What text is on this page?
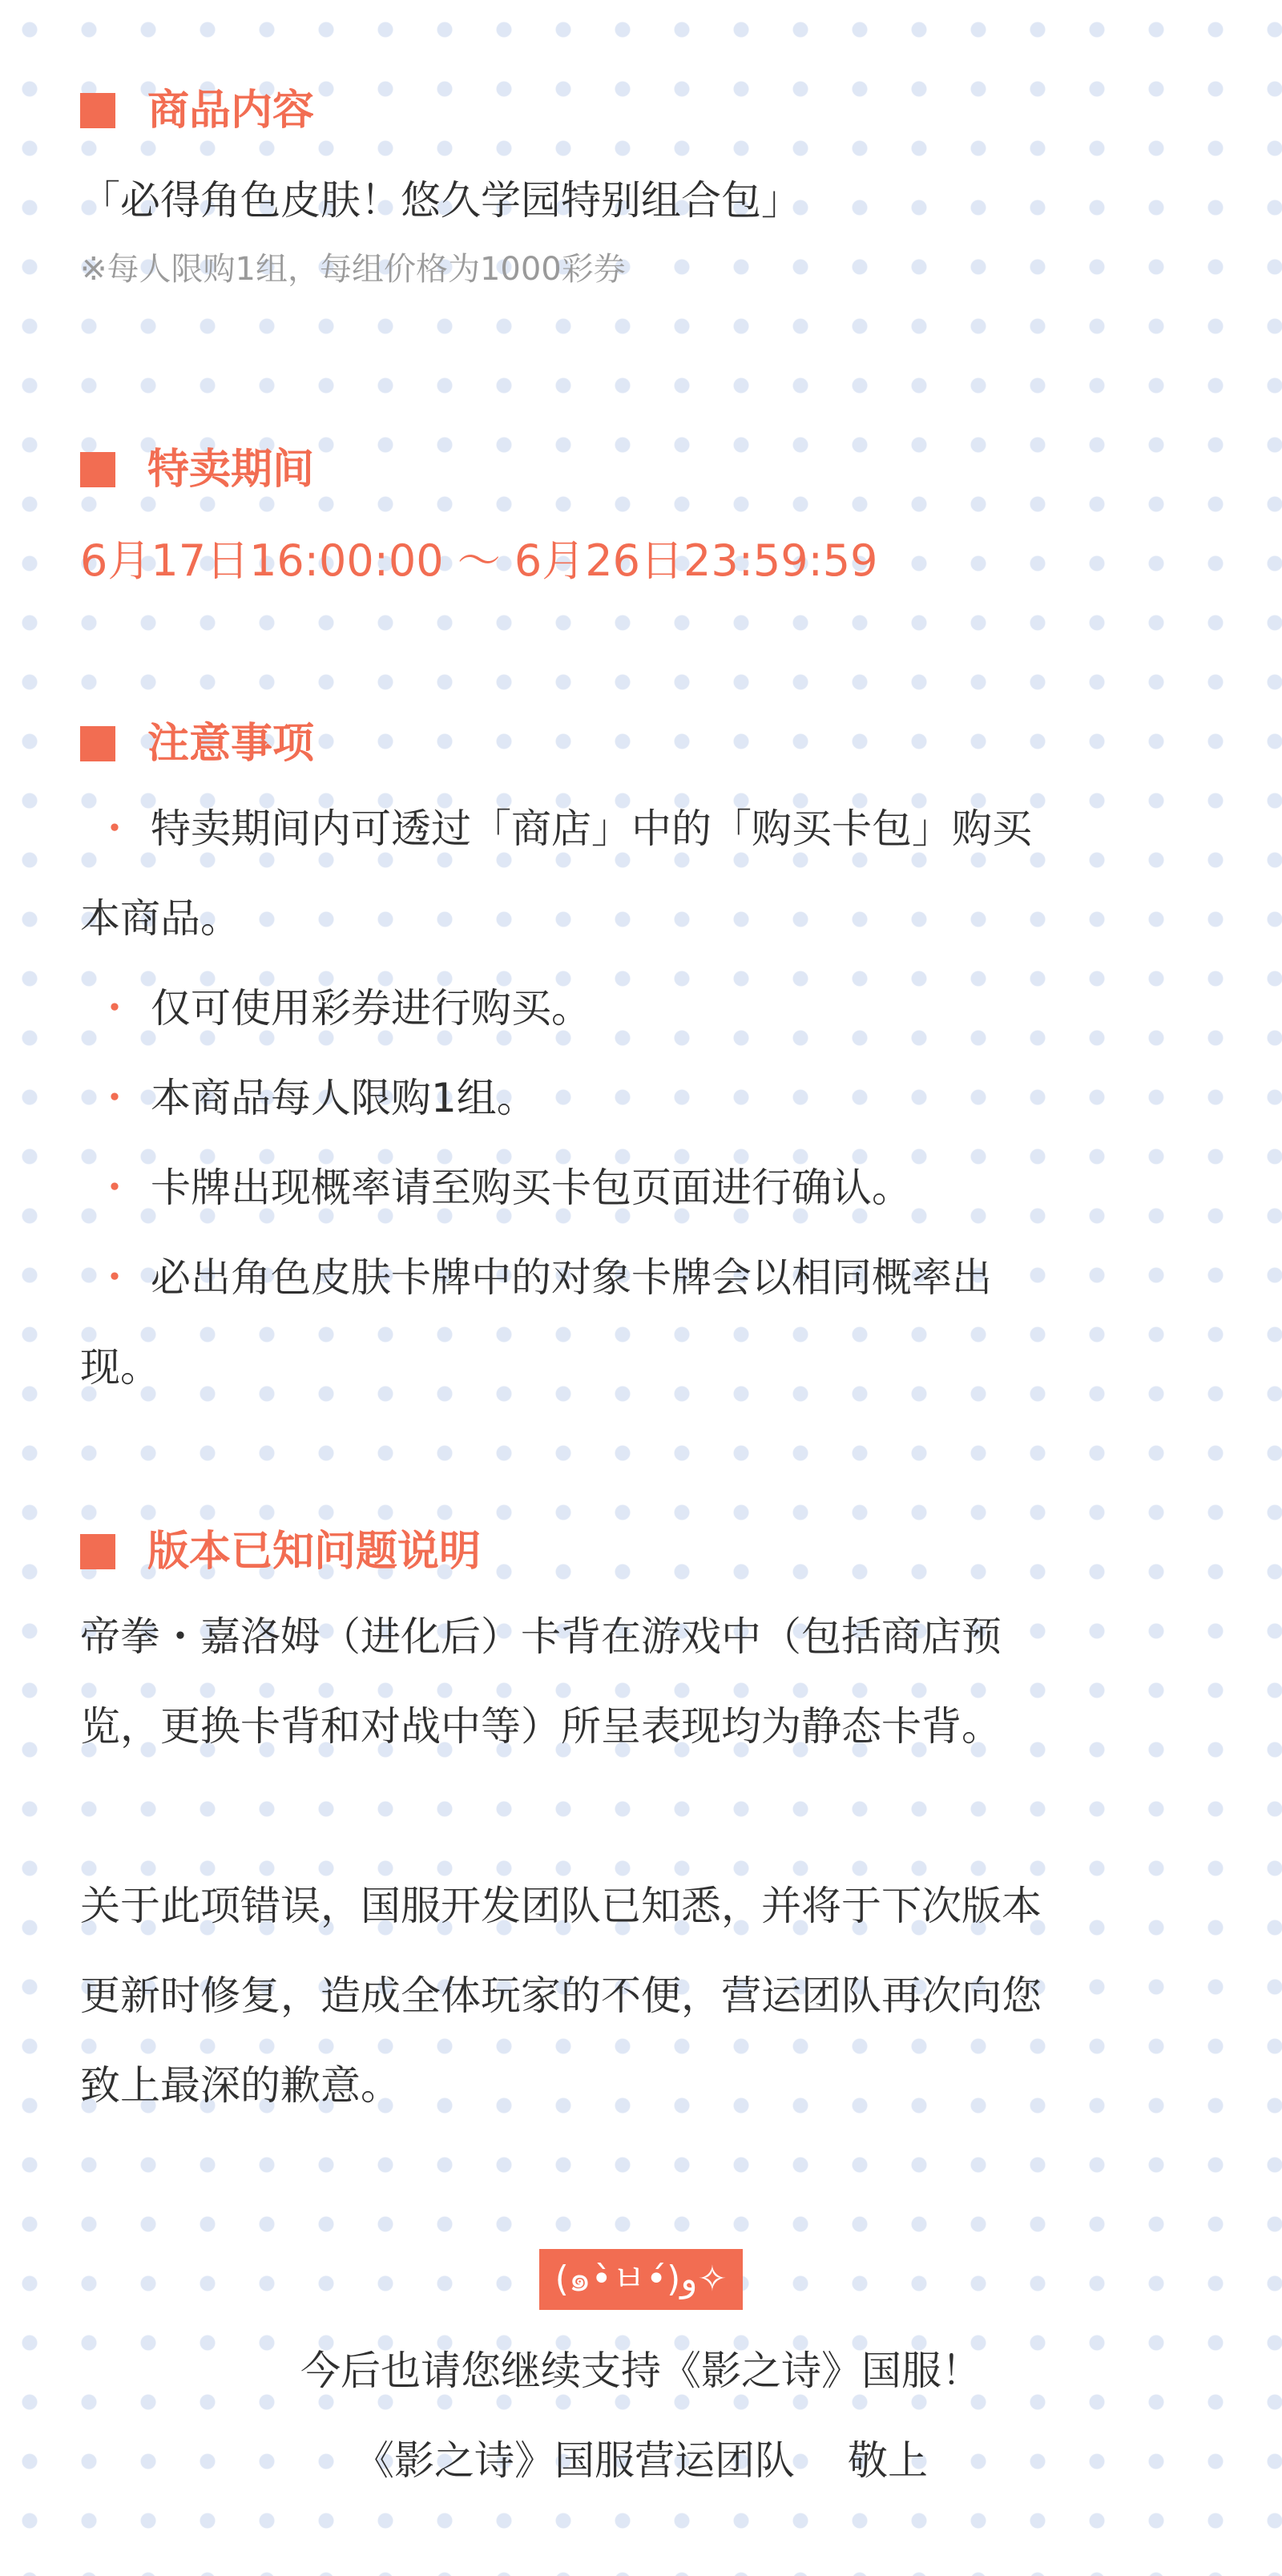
商品内容

「必得角色皮肤！悠久学园特别组合包」

※每人限购1组，每组价格为1000彩券

特卖期间

6月17日16:00:00 ～ 6月26日23:59:59

注意事项

・ 特卖期间内可透过「商店」中的「购买卡包」购买

本商品。

・ 仅可使用彩券进行购买。

・ 本商品每人限购1组。

・ 卡牌出现概率请至购买卡包页面进行确认。

・ 必出角色皮肤卡牌中的对象卡牌会以相同概率出

现。

版本已知问题说明

帝拳・嘉洛姆（进化后）卡背在游戏中（包括商店预

览，更换卡背和对战中等）所呈表现均为静态卡背。

关于此项错误，国服开发团队已知悉，并将于下次版本

更新时修复，造成全体玩家的不便，营运团队再次向您

致上最深的歉意。

(๑•̀ㅂ•́)و✧

今后也请您继续支持《影之诗》国服！

《影之诗》国服营运团队　 敬上
